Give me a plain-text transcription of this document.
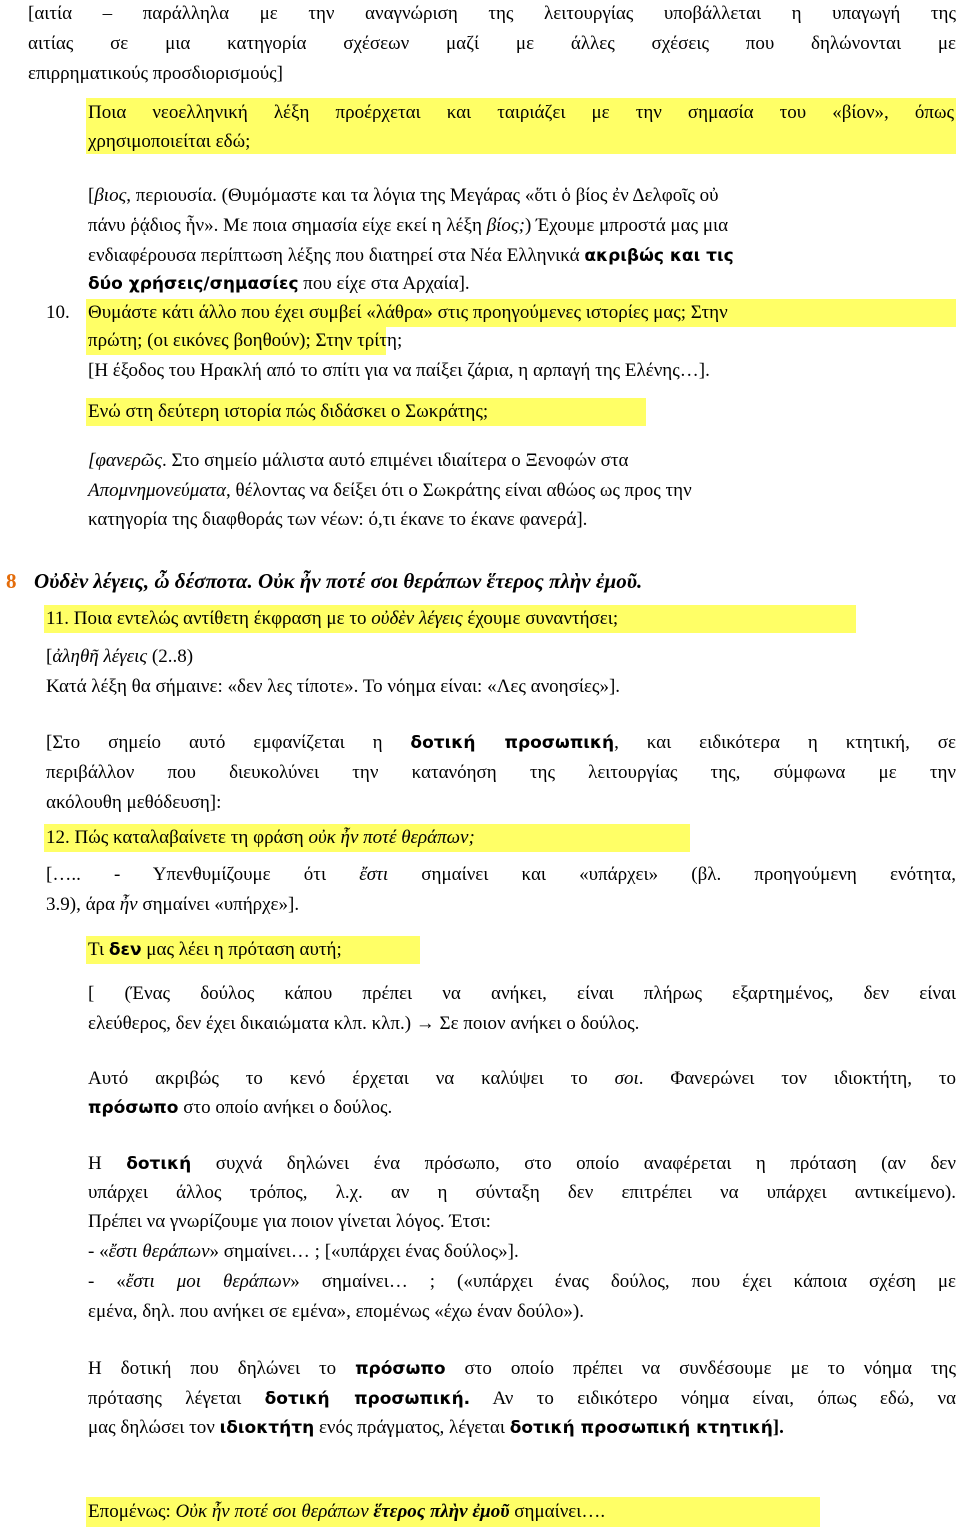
[αιτία – παράλληλα με την αναγνώριση της λειτουργίας υποβάλλεται η υπαγωγή της
αιτίας σε μια κατηγορία σχέσεων μαζί με άλλες σχέσεις που δηλώνονται με
επιρρηματικούς προσδιορισμούς]
Ποια νεοελληνική λέξη προέρχεται και ταιριάζει με την σημασία του «βίον», όπως
χρησιμοποιείται εδώ;
[βιος, περιουσία. (Θυμόμαστε και τα λόγια της Μεγάρας «ὅτι ὁ βίος ἐν Δελφοῖς οὐ
πάνυ ῥᾴδιος ἦν». Με ποια σημασία είχε εκεί η λέξη βίος;) Έχουμε μπροστά μας μια
ενδιαφέρουσα περίπτωση λέξης που διατηρεί στα Νέα Ελληνικά ακριβώς και τις
δύο χρήσεις/σημασίες που είχε στα Αρχαία].
10. Θυμάστε κάτι άλλο που έχει συμβεί «λάθρα» στις προηγούμενες ιστορίες μας; Στην
πρώτη; (οι εικόνες βοηθούν); Στην τρίτη;
[Η έξοδος του Ηρακλή από το σπίτι για να παίξει ζάρια, η αρπαγή της Ελένης…].
Ενώ στη δεύτερη ιστορία πώς διδάσκει ο Σωκράτης;
[φανερῶς. Στο σημείο μάλιστα αυτό επιμένει ιδιαίτερα ο Ξενοφών στα
Απομνημονεύματα, θέλοντας να δείξει ότι ο Σωκράτης είναι αθώος ως προς την
κατηγορία της διαφθοράς των νέων: ό,τι έκανε το έκανε φανερά].
8 Οὐδὲν λέγεις, ὦ δέσποτα. Οὐκ ἦν ποτέ σοι θεράπων ἕτερος πλὴν ἐμοῦ.
11. Ποια εντελώς αντίθετη έκφραση με το οὐδὲν λέγεις έχουμε συναντήσει;
[ἀληθῆ λέγεις (2..8)
Κατά λέξη θα σήμαινε: «δεν λες τίποτε». Το νόημα είναι: «Λες ανοησίες»].
[Στο σημείο αυτό εμφανίζεται η δοτική προσωπική, και ειδικότερα η κτητική, σε
περιβάλλον που διευκολύνει την κατανόηση της λειτουργίας της, σύμφωνα με την
ακόλουθη μεθόδευση]:
12. Πώς καταλαβαίνετε τη φράση οὐκ ἦν ποτέ θεράπων;
[….. - Υπενθυμίζουμε ότι ἔστι σημαίνει και «υπάρχει» (βλ. προηγούμενη ενότητα,
3.9), άρα ἦν σημαίνει «υπήρχε»].
Τι δεν μας λέει η πρόταση αυτή;
[ (Ένας δούλος κάπου πρέπει να ανήκει, είναι πλήρως εξαρτημένος, δεν είναι
ελεύθερος, δεν έχει δικαιώματα κλπ. κλπ.) → Σε ποιον ανήκει ο δούλος.
Αυτό ακριβώς το κενό έρχεται να καλύψει το σοι. Φανερώνει τον ιδιοκτήτη, το
πρόσωπο στο οποίο ανήκει ο δούλος.
Η δοτική συχνά δηλώνει ένα πρόσωπο, στο οποίο αναφέρεται η πρόταση (αν δεν
υπάρχει άλλος τρόπος, λ.χ. αν η σύνταξη δεν επιτρέπει να υπάρχει αντικείμενο).
Πρέπει να γνωρίζουμε για ποιον γίνεται λόγος. Έτσι:
- «ἔστι θεράπων» σημαίνει… ; [«υπάρχει ένας δούλος»].
- «ἔστι μοι θεράπων» σημαίνει… ; («υπάρχει ένας δούλος, που έχει κάποια σχέση με
εμένα, δηλ. που ανήκει σε εμένα», επομένως «έχω έναν δούλο»).
Η δοτική που δηλώνει το πρόσωπο στο οποίο πρέπει να συνδέσουμε με το νόημα της
πρότασης λέγεται δοτική προσωπική. Αν το ειδικότερο νόημα είναι, όπως εδώ, να
μας δηλώσει τον ιδιοκτήτη ενός πράγματος, λέγεται δοτική προσωπική κτητική].
Επομένως: Οὐκ ἦν ποτέ σοι θεράπων ἕτερος πλὴν ἐμοῦ σημαίνει….
